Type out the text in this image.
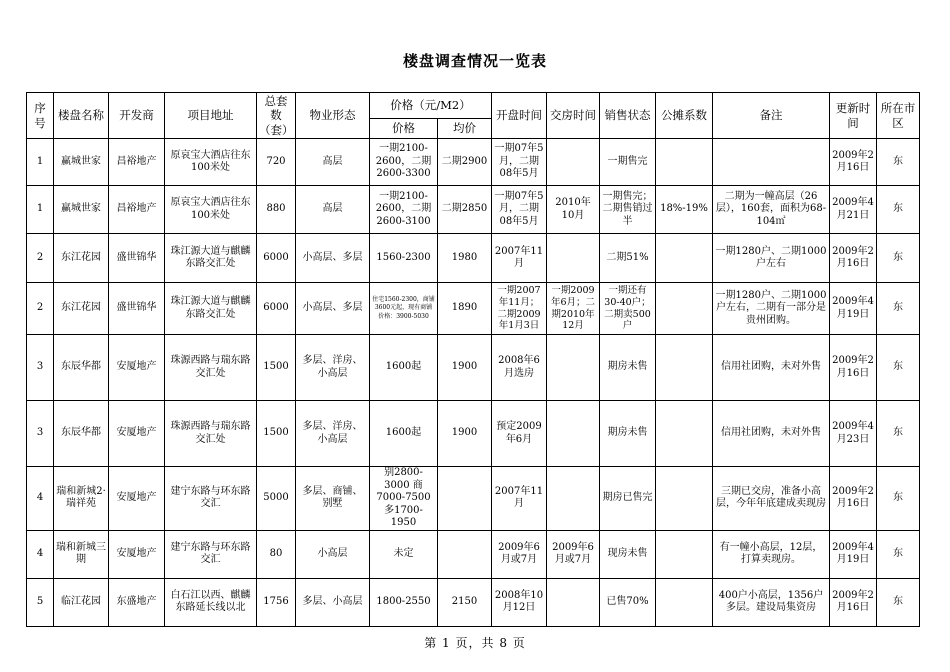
楼盘调查情况一览表
序号	楼盘名称	开发商	项目地址	总套数（套）	物业形态	价格（元/M2）		开盘时间	交房时间	销售状态	公摊系数	备注	更新时间	所在市区
						价格	均价							
1	赢城世家	昌裕地产	原哀宝大酒店往东100米处	720	高层	一期2100-2600，二期2600-3300	二期2900	一期07年5月，二期08年5月		一期售完			2009年2月16日	东
1	赢城世家	昌裕地产	原哀宝大酒店往东100米处	880	高层	一期2100-2600，二期2600-3100	二期2850	一期07年5月，二期08年5月	2010年10月	一期售完；二期售销过半	18%-19%	二期为一幢高层（26层），160套，面积为68-104㎡	2009年4月21日	东
2	东江花园	盛世锦华	珠江源大道与麒麟东路交汇处	6000	小高层、多层	1560-2300	1980	2007年11月		二期51%		一期1280户、二期1000户左右	2009年2月16日	东
2	东江花园	盛世锦华	珠江源大道与麒麟东路交汇处	6000	小高层、多层	住宅1560-2300，商铺3600元起，现有商铺价格：3900-5030	1890	一期2007年11月；二期2009年1月3日	一期2009年6月；二期2010年12月	一期还有30-40户；二期卖500户		一期1280户、二期1000户左右，二期有一部分是贵州团购。	2009年4月19日	东
3	东辰华都	安厦地产	珠源西路与瑞东路交汇处	1500	多层、洋房、小高层	1600起	1900	2008年6月选房		期房未售		信用社团购，未对外售	2009年2月16日	东
3	东辰华都	安厦地产	珠源西路与瑞东路交汇处	1500	多层、洋房、小高层	1600起	1900	预定2009年6月		期房未售		信用社团购，未对外售	2009年4月23日	东
4	瑞和新城2·瑞祥苑	安厦地产	建宁东路与环东路交汇	5000	多层、商铺、别墅	别2800-3000 商7000-7500 多1700-1950		2007年11月		期房已售完		三期已交房，准备小高层，今年年底建成卖现房	2009年2月16日	东
4	瑞和新城三期	安厦地产	建宁东路与环东路交汇	80	小高层	未定		2009年6月或7月	2009年6月或7月	现房未售		有一幢小高层，12层，打算卖现房。	2009年4月19日	东
5	临江花园	东盛地产	白石江以西、麒麟东路延长线以北	1756	多层、小高层	1800-2550	2150	2008年10月12日		已售70%		400户小高层，1356户多层。建设局集资房	2009年2月16日	东
第 1 页，共 8 页
